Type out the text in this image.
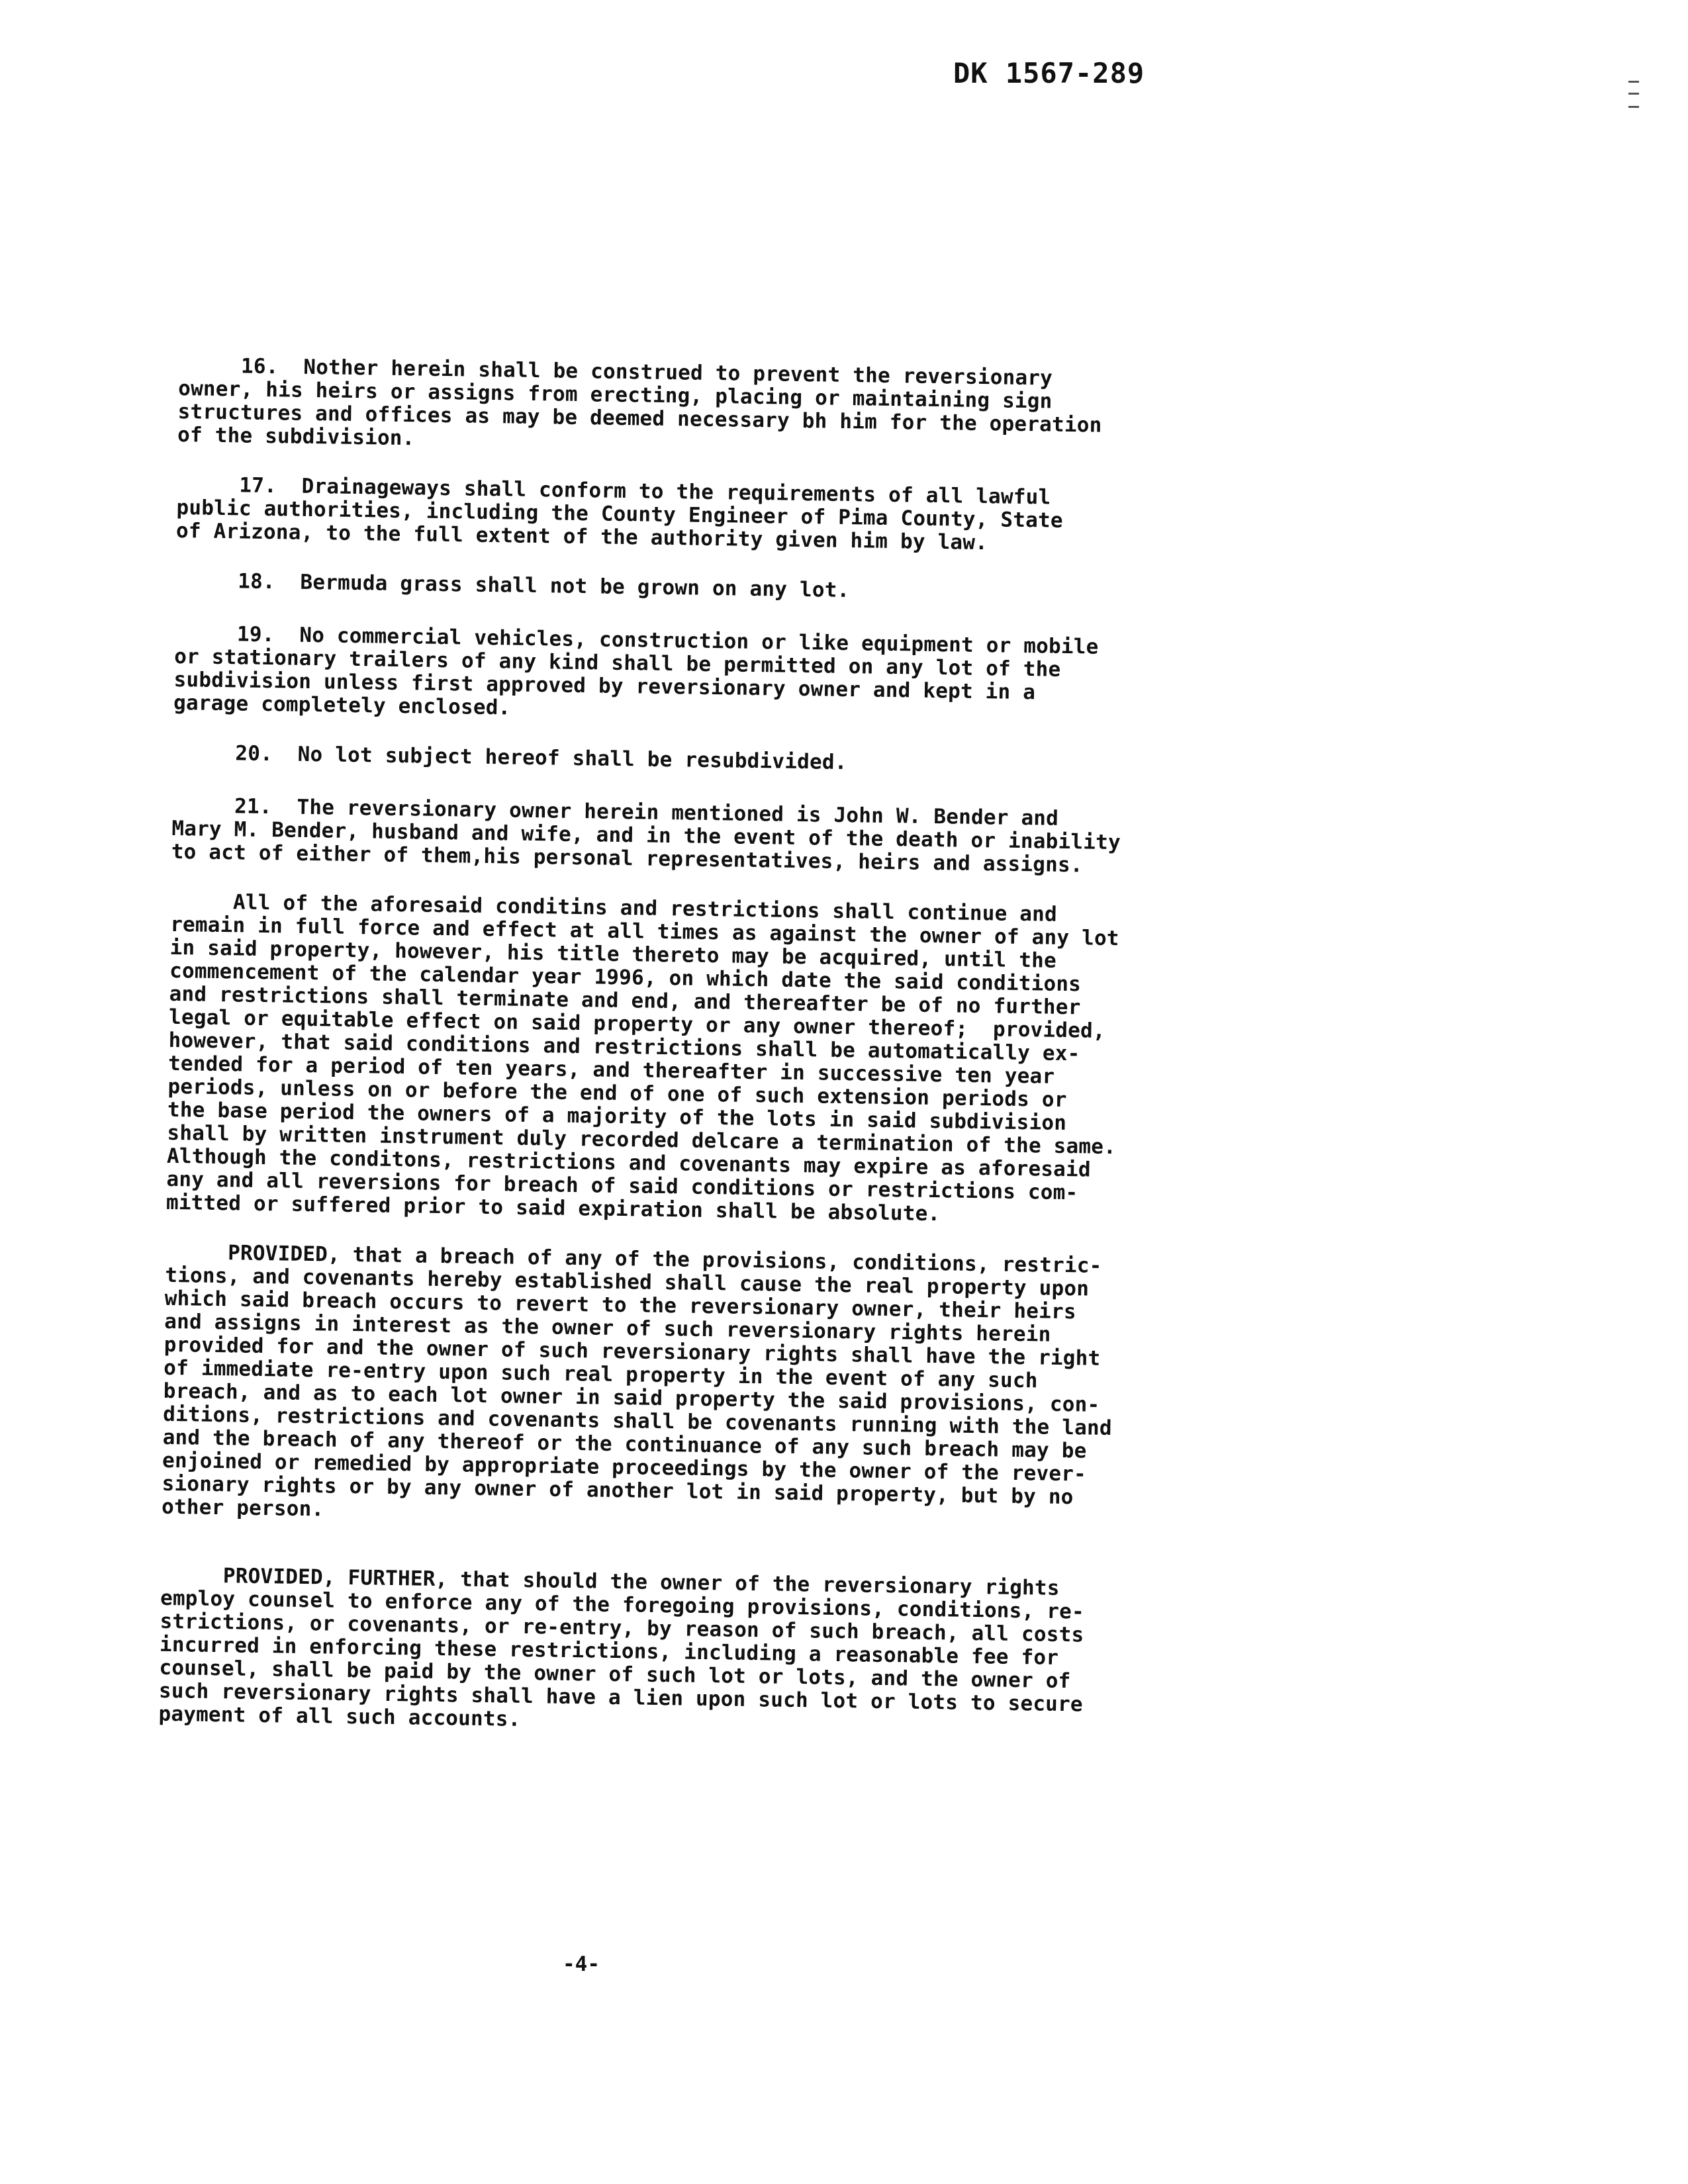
DK 1567-289

16.  Nother herein shall be construed to prevent the reversionary
owner, his heirs or assigns from erecting, placing or maintaining sign
structures and offices as may be deemed necessary bh him for the operation
of the subdivision.

17.  Drainageways shall conform to the requirements of all lawful
public authorities, including the County Engineer of Pima County, State
of Arizona, to the full extent of the authority given him by law.

18.  Bermuda grass shall not be grown on any lot.

19.  No commercial vehicles, construction or like equipment or mobile
or stationary trailers of any kind shall be permitted on any lot of the
subdivision unless first approved by reversionary owner and kept in a
garage completely enclosed.

20.  No lot subject hereof shall be resubdivided.

21.  The reversionary owner herein mentioned is John W. Bender and
Mary M. Bender, husband and wife, and in the event of the death or inability
to act of either of them,his personal representatives, heirs and assigns.

All of the aforesaid conditins and restrictions shall continue and
remain in full force and effect at all times as against the owner of any lot
in said property, however, his title thereto may be acquired, until the
commencement of the calendar year 1996, on which date the said conditions
and restrictions shall terminate and end, and thereafter be of no further
legal or equitable effect on said property or any owner thereof;  provided,
however, that said conditions and restrictions shall be automatically ex-
tended for a period of ten years, and thereafter in successive ten year
periods, unless on or before the end of one of such extension periods or
the base period the owners of a majority of the lots in said subdivision
shall by written instrument duly recorded delcare a termination of the same.
Although the conditons, restrictions and covenants may expire as aforesaid
any and all reversions for breach of said conditions or restrictions com-
mitted or suffered prior to said expiration shall be absolute.

PROVIDED, that a breach of any of the provisions, conditions, restric-
tions, and covenants hereby established shall cause the real property upon
which said breach occurs to revert to the reversionary owner, their heirs
and assigns in interest as the owner of such reversionary rights herein
provided for and the owner of such reversionary rights shall have the right
of immediate re-entry upon such real property in the event of any such
breach, and as to each lot owner in said property the said provisions, con-
ditions, restrictions and covenants shall be covenants running with the land
and the breach of any thereof or the continuance of any such breach may be
enjoined or remedied by appropriate proceedings by the owner of the rever-
sionary rights or by any owner of another lot in said property, but by no
other person.

PROVIDED, FURTHER, that should the owner of the reversionary rights
employ counsel to enforce any of the foregoing provisions, conditions, re-
strictions, or covenants, or re-entry, by reason of such breach, all costs
incurred in enforcing these restrictions, including a reasonable fee for
counsel, shall be paid by the owner of such lot or lots, and the owner of
such reversionary rights shall have a lien upon such lot or lots to secure
payment of all such accounts.

-4-
